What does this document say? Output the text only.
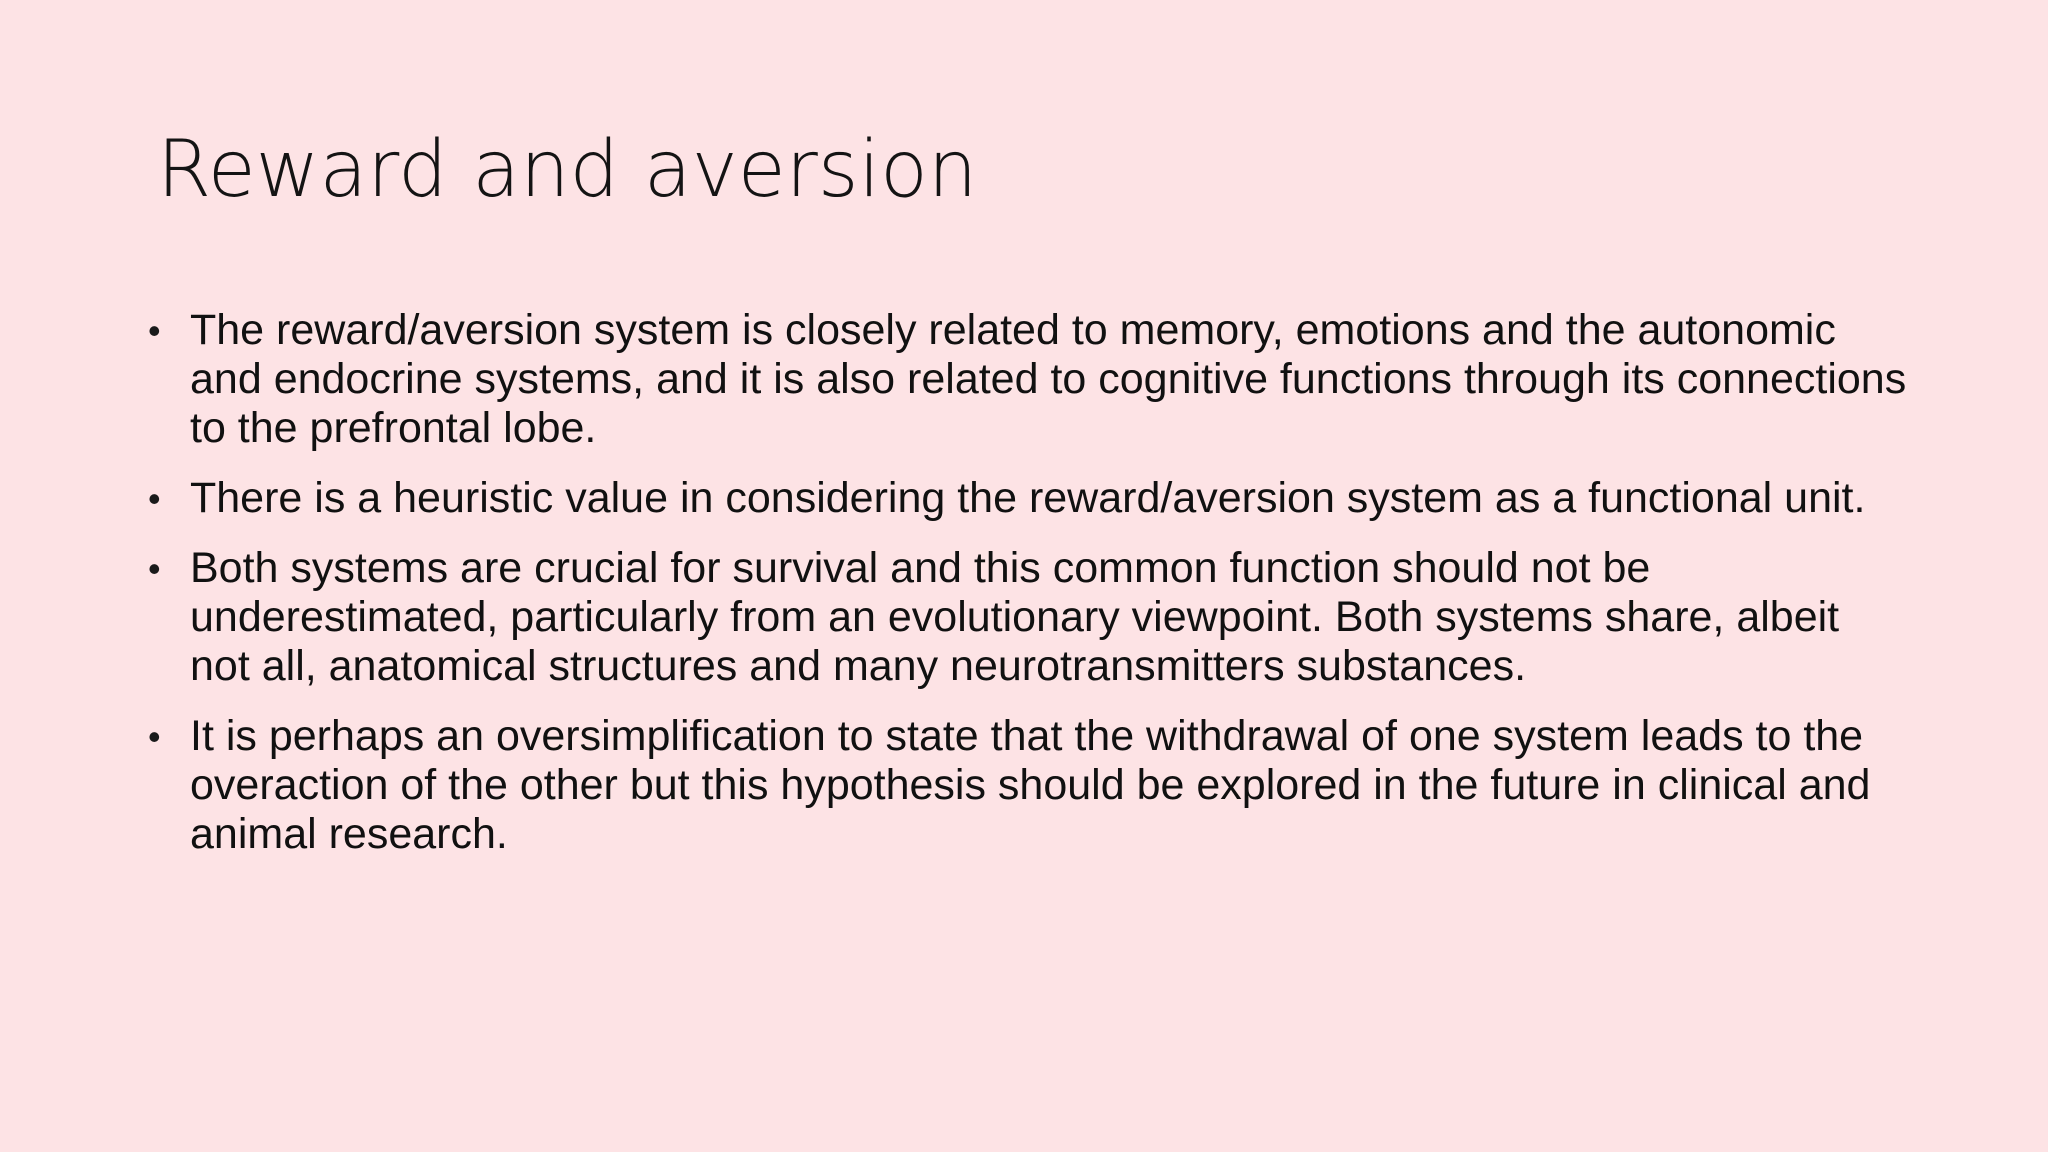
Reward and aversion
• The reward/aversion system is closely related to memory, emotions and the autonomic and endocrine systems, and it is also related to cognitive functions through its connections to the prefrontal lobe.
• There is a heuristic value in considering the reward/aversion system as a functional unit.
• Both systems are crucial for survival and this common function should not be underestimated, particularly from an evolutionary viewpoint. Both systems share, albeit not all, anatomical structures and many neurotransmitters substances.
• It is perhaps an oversimplification to state that the withdrawal of one system leads to the overaction of the other but this hypothesis should be explored in the future in clinical and animal research.
